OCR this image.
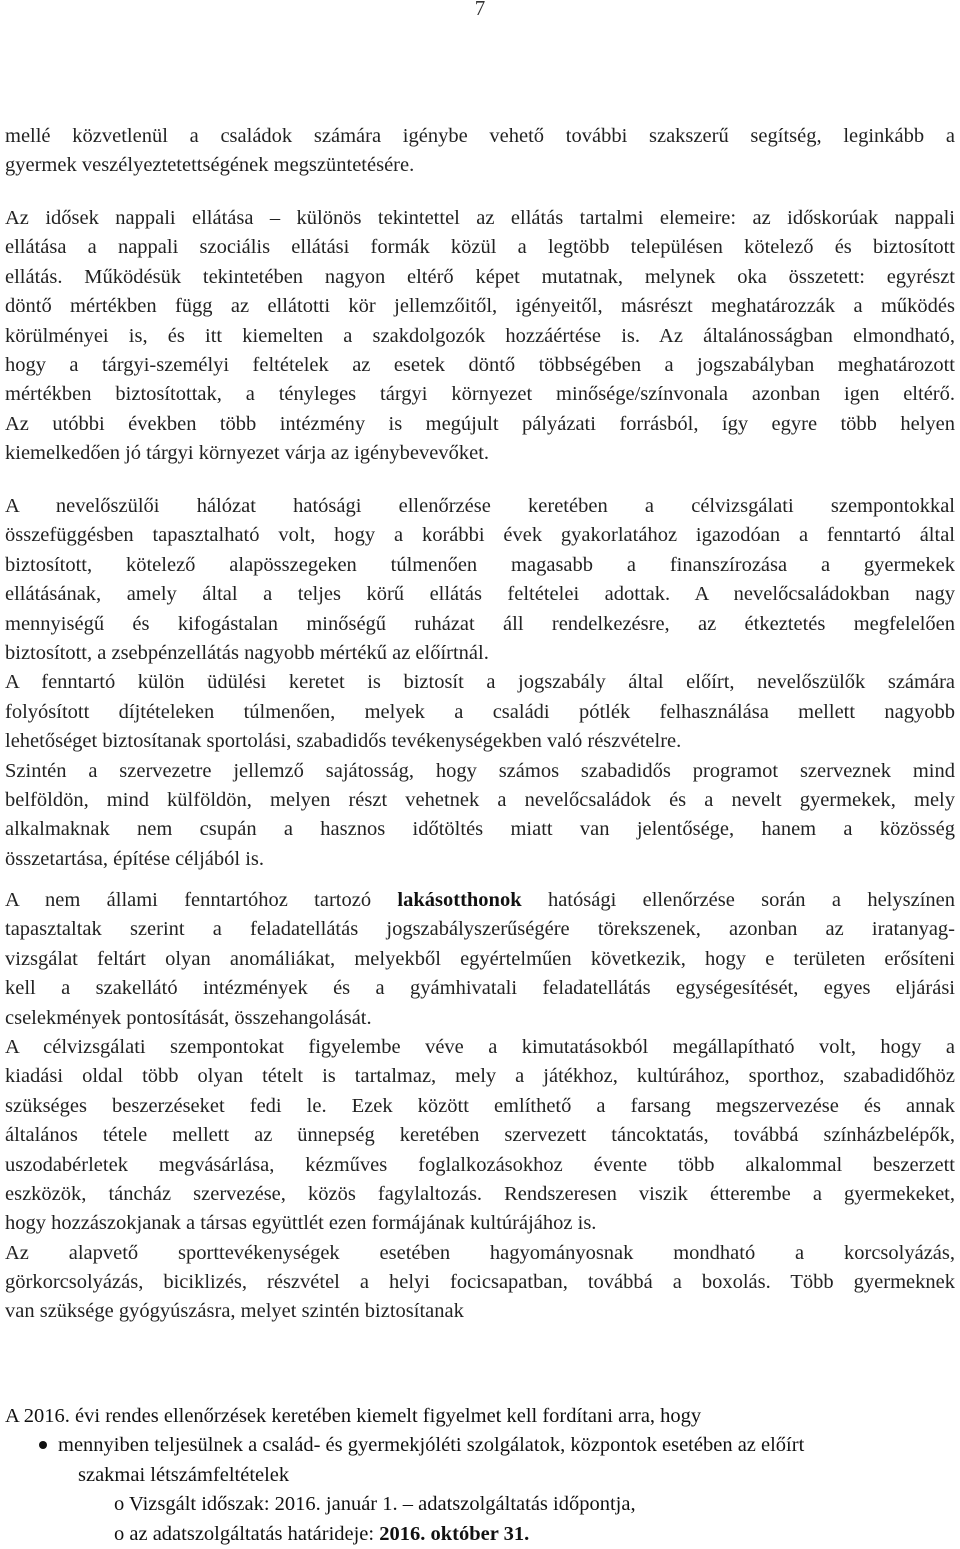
7
mellé közvetlenül a családok számára igénybe vehető további szakszerű segítség, leginkább a
gyermek veszélyeztetettségének megszüntetésére.
Az idősek nappali ellátása – különös tekintettel az ellátás tartalmi elemeire: az időskorúak nappali
ellátása a nappali szociális ellátási formák közül a legtöbb településen kötelező és biztosított
ellátás. Működésük tekintetében nagyon eltérő képet mutatnak, melynek oka összetett: egyrészt
döntő mértékben függ az ellátotti kör jellemzőitől, igényeitől, másrészt meghatározzák a működés
körülményei is, és itt kiemelten a szakdolgozók hozzáértése is. Az általánosságban elmondható,
hogy a tárgyi-személyi feltételek az esetek döntő többségében a jogszabályban meghatározott
mértékben biztosítottak, a tényleges tárgyi környezet minősége/színvonala azonban igen eltérő.
Az utóbbi években több intézmény is megújult pályázati forrásból, így egyre több helyen
kiemelkedően jó tárgyi környezet várja az igénybevevőket.
A nevelőszülői hálózat hatósági ellenőrzése keretében a célvizsgálati szempontokkal
összefüggésben tapasztalható volt, hogy a korábbi évek gyakorlatához igazodóan a fenntartó által
biztosított, kötelező alapösszegeken túlmenően magasabb a finanszírozása a gyermekek
ellátásának, amely által a teljes körű ellátás feltételei adottak. A nevelőcsaládokban nagy
mennyiségű és kifogástalan minőségű ruházat áll rendelkezésre, az étkeztetés megfelelően
biztosított, a zsebpénzellátás nagyobb mértékű az előírtnál.
A fenntartó külön üdülési keretet is biztosít a jogszabály által előírt, nevelőszülők számára
folyósított díjtételeken túlmenően, melyek a családi pótlék felhasználása mellett nagyobb
lehetőséget biztosítanak sportolási, szabadidős tevékenységekben való részvételre.
Szintén a szervezetre jellemző sajátosság, hogy számos szabadidős programot szerveznek mind
belföldön, mind külföldön, melyen részt vehetnek a nevelőcsaládok és a nevelt gyermekek, mely
alkalmaknak nem csupán a hasznos időtöltés miatt van jelentősége, hanem a közösség
összetartása, építése céljából is.
A nem állami fenntartóhoz tartozó lakásotthonok hatósági ellenőrzése során a helyszínen
tapasztaltak szerint a feladatellátás jogszabályszerűségére törekszenek, azonban az iratanyag-
vizsgálat feltárt olyan anomáliákat, melyekből egyértelműen következik, hogy e területen erősíteni
kell a szakellátó intézmények és a gyámhivatali feladatellátás egységesítését, egyes eljárási
cselekmények pontosítását, összehangolását.
A célvizsgálati szempontokat figyelembe véve a kimutatásokból megállapítható volt, hogy a
kiadási oldal több olyan tételt is tartalmaz, mely a játékhoz, kultúrához, sporthoz, szabadidőhöz
szükséges beszerzéseket fedi le. Ezek között említhető a farsang megszervezése és annak
általános tétele mellett az ünnepség keretében szervezett táncoktatás, továbbá színházbelépők,
uszodabérletek megvásárlása, kézműves foglalkozásokhoz évente több alkalommal beszerzett
eszközök, táncház szervezése, közös fagylaltozás. Rendszeresen viszik étterembe a gyermekeket,
hogy hozzászokjanak a társas együttlét ezen formájának kultúrájához is.
Az alapvető sporttevékenységek esetében hagyományosnak mondható a korcsolyázás,
görkorcsolyázás, biciklizés, részvétel a helyi focicsapatban, továbbá a boxolás. Több gyermeknek
van szüksége gyógyúszásra, melyet szintén biztosítanak
A 2016. évi rendes ellenőrzések keretében kiemelt figyelmet kell fordítani arra, hogy
mennyiben teljesülnek a család- és gyermekjóléti szolgálatok, központok esetében az előírt
szakmai létszámfeltételek
o Vizsgált időszak: 2016. január 1. – adatszolgáltatás időpontja,
o az adatszolgáltatás határideje: 2016. október 31.
